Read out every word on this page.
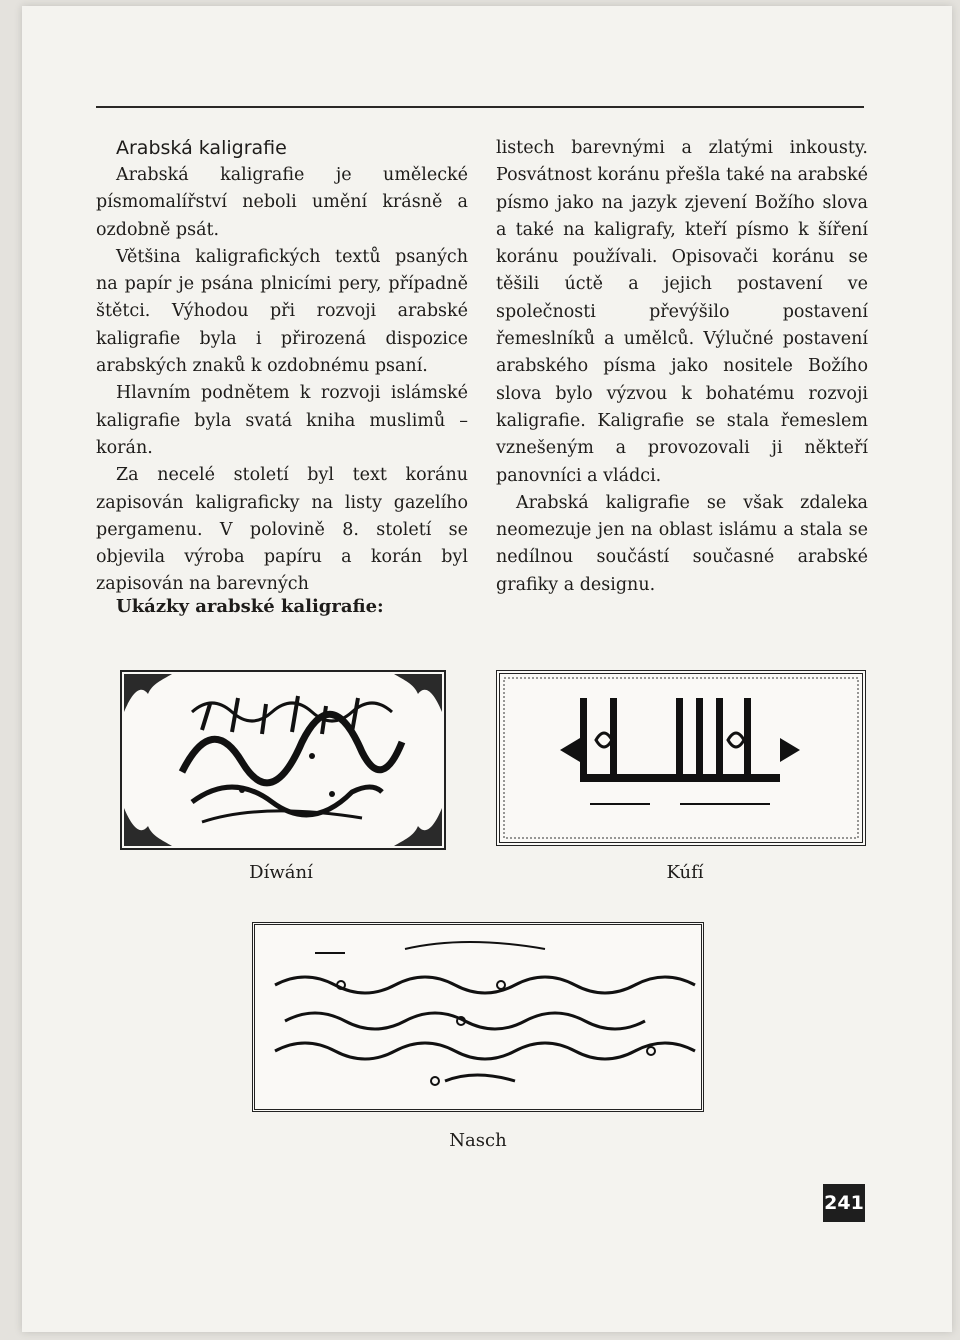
Arabská kaligrafie

Arabská kaligrafie je umělecké písmomalířství neboli umění krásně a ozdobně psát.

Většina kaligrafických textů psaných na papír je psána plnicími pery, případně štětci. Výhodou při rozvoji arabské kaligrafie byla i přirozená dispozice arabských znaků k ozdobnému psaní.

Hlavním podnětem k rozvoji islámské kaligrafie byla svatá kniha muslimů – korán.

Za necelé století byl text koránu zapisován kaligraficky na listy gazelího pergamenu. V polovině 8. století se objevila výroba papíru a korán byl zapisován na barevných

listech barevnými a zlatými inkousty. Posvátnost koránu přešla také na arabské písmo jako na jazyk zjevení Božího slova a také na kaligrafy, kteří písmo k šíření koránu používali. Opisovači koránu se těšili úctě a jejich postavení ve společnosti převýšilo postavení řemeslníků a umělců. Výlučné postavení arabského písma jako nositele Božího slova bylo výzvou k bohatému rozvoji kaligrafie. Kaligrafie se stala řemeslem vznešeným a provozovali ji někteří panovníci a vládci.

Arabská kaligrafie se však zdaleka neomezuje jen na oblast islámu a stala se nedílnou součástí současné arabské grafiky a designu.

Ukázky arabské kaligrafie:
Díwání	Kúfí
Nasch
241
